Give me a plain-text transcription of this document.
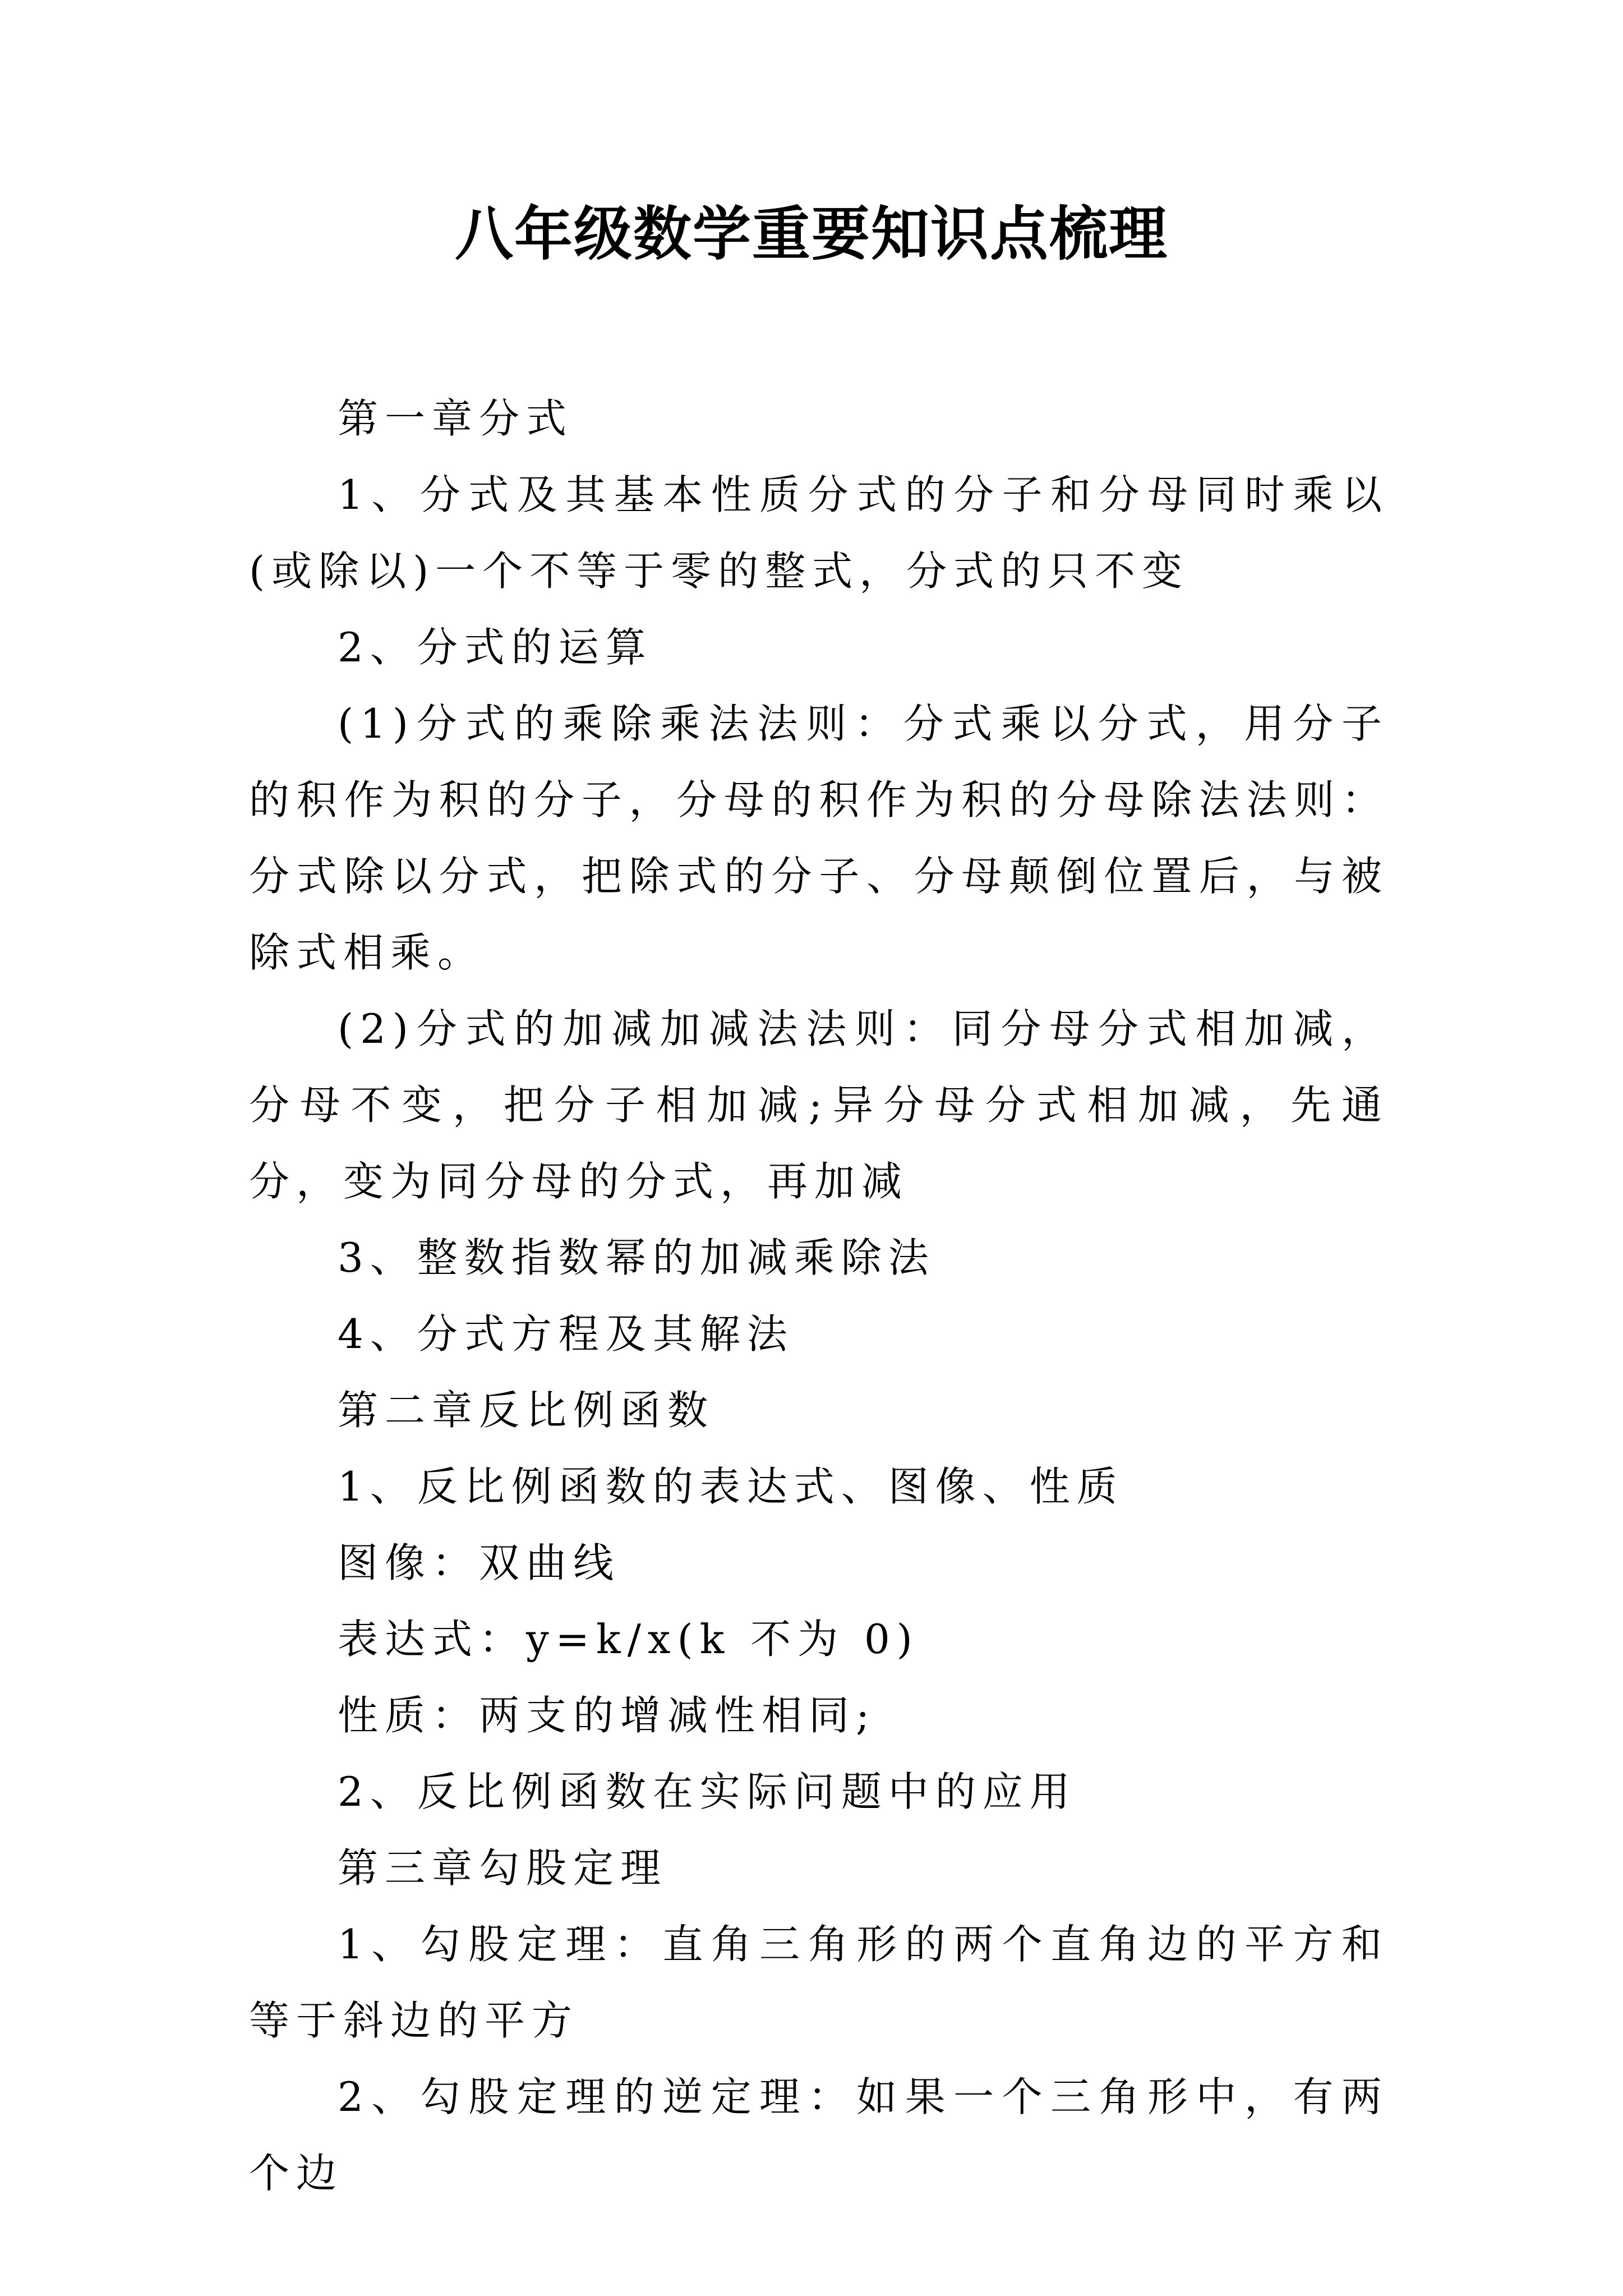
八年级数学重要知识点梳理

第一章分式

1、分式及其基本性质分式的分子和分母同时乘以(或除以)一个不等于零的整式，分式的只不变

2、分式的运算

(1)分式的乘除乘法法则：分式乘以分式，用分子的积作为积的分子，分母的积作为积的分母除法法则：分式除以分式，把除式的分子、分母颠倒位置后，与被除式相乘。

(2)分式的加减加减法法则：同分母分式相加减，分母不变，把分子相加减;异分母分式相加减，先通分，变为同分母的分式，再加减

3、整数指数幂的加减乘除法

4、分式方程及其解法

第二章反比例函数

1、反比例函数的表达式、图像、性质

图像：双曲线

表达式：y=k/x(k 不为 0)

性质：两支的增减性相同;

2、反比例函数在实际问题中的应用

第三章勾股定理

1、勾股定理：直角三角形的两个直角边的平方和等于斜边的平方

2、勾股定理的逆定理：如果一个三角形中，有两个边
